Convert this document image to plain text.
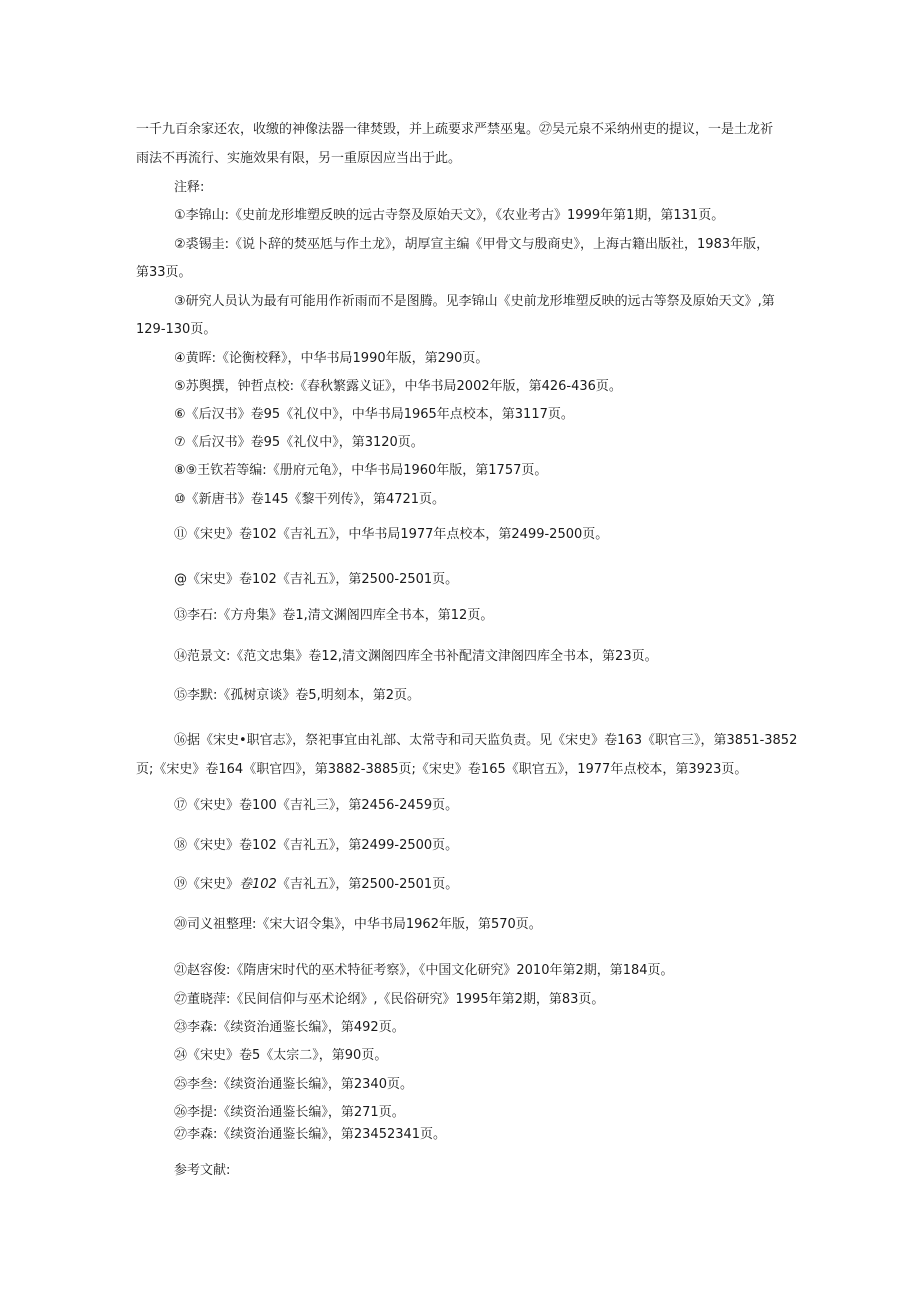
一千九百余家还农，收缴的神像法器一律焚毁，并上疏要求严禁巫鬼。㉗吴元泉不采纳州吏的提议，一是土龙祈
雨法不再流行、实施效果有限，另一重原因应当出于此。
注释:
①李锦山:《史前龙形堆塑反映的远古寺祭及原始天文》，《农业考古》1999年第1期，第131页。
②裘锡圭:《说卜辞的焚巫尪与作土龙》，胡厚宣主编《甲骨文与殷商史》，上海古籍出版社，1983年版，
第33页。
③研究人员认为最有可能用作祈雨而不是图腾。见李锦山《史前龙形堆塑反映的远古等祭及原始天文》,第
129-130页。
④黄晖:《论衡校释》，中华书局1990年版，第290页。
⑤苏舆撰，钟哲点校:《春秋繁露义证》，中华书局2002年版，第426-436页。
⑥《后汉书》卷95《礼仪中》，中华书局1965年点校本，第3117页。
⑦《后汉书》卷95《礼仪中》，第3120页。
⑧⑨王钦若等编:《册府元龟》，中华书局1960年版，第1757页。
⑩《新唐书》卷145《黎干列传》，第4721页。
⑪《宋史》卷102《吉礼五》，中华书局1977年点校本，第2499-2500页。
@《宋史》卷102《吉礼五》，第2500-2501页。
⑬李石:《方舟集》卷1,清文渊阁四库全书本，第12页。
⑭范景文:《范文忠集》卷12,清文渊阁四库全书补配清文津阁四库全书本，第23页。
⑮李默:《孤树京谈》卷5,明刻本，第2页。
⑯据《宋史•职官志》，祭祀事宜由礼部、太常寺和司天监负责。见《宋史》卷163《职官三》，第3851-3852
页;《宋史》卷164《职官四》，第3882-3885页;《宋史》卷165《职官五》，1977年点校本，第3923页。
⑰《宋史》卷100《吉礼三》，第2456-2459页。
⑱《宋史》卷102《吉礼五》，第2499-2500页。
⑲《宋史》卷102《吉礼五》，第2500-2501页。
⑳司义祖整理:《宋大诏令集》，中华书局1962年版，第570页。
㉑赵容俊:《隋唐宋时代的巫术特征考察》，《中国文化研究》2010年第2期，第184页。
㉗董晓萍:《民间信仰与巫术论纲》,《民俗研究》1995年第2期，第83页。
㉓李森:《续资治通鉴长编》，第492页。
㉔《宋史》卷5《太宗二》，第90页。
㉕李叁:《续资治通鉴长编》，第2340页。
㉖李提:《续资治通鉴长编》，第271页。
㉗李森:《续资治通鉴长编》，第23452341页。
参考文献:
